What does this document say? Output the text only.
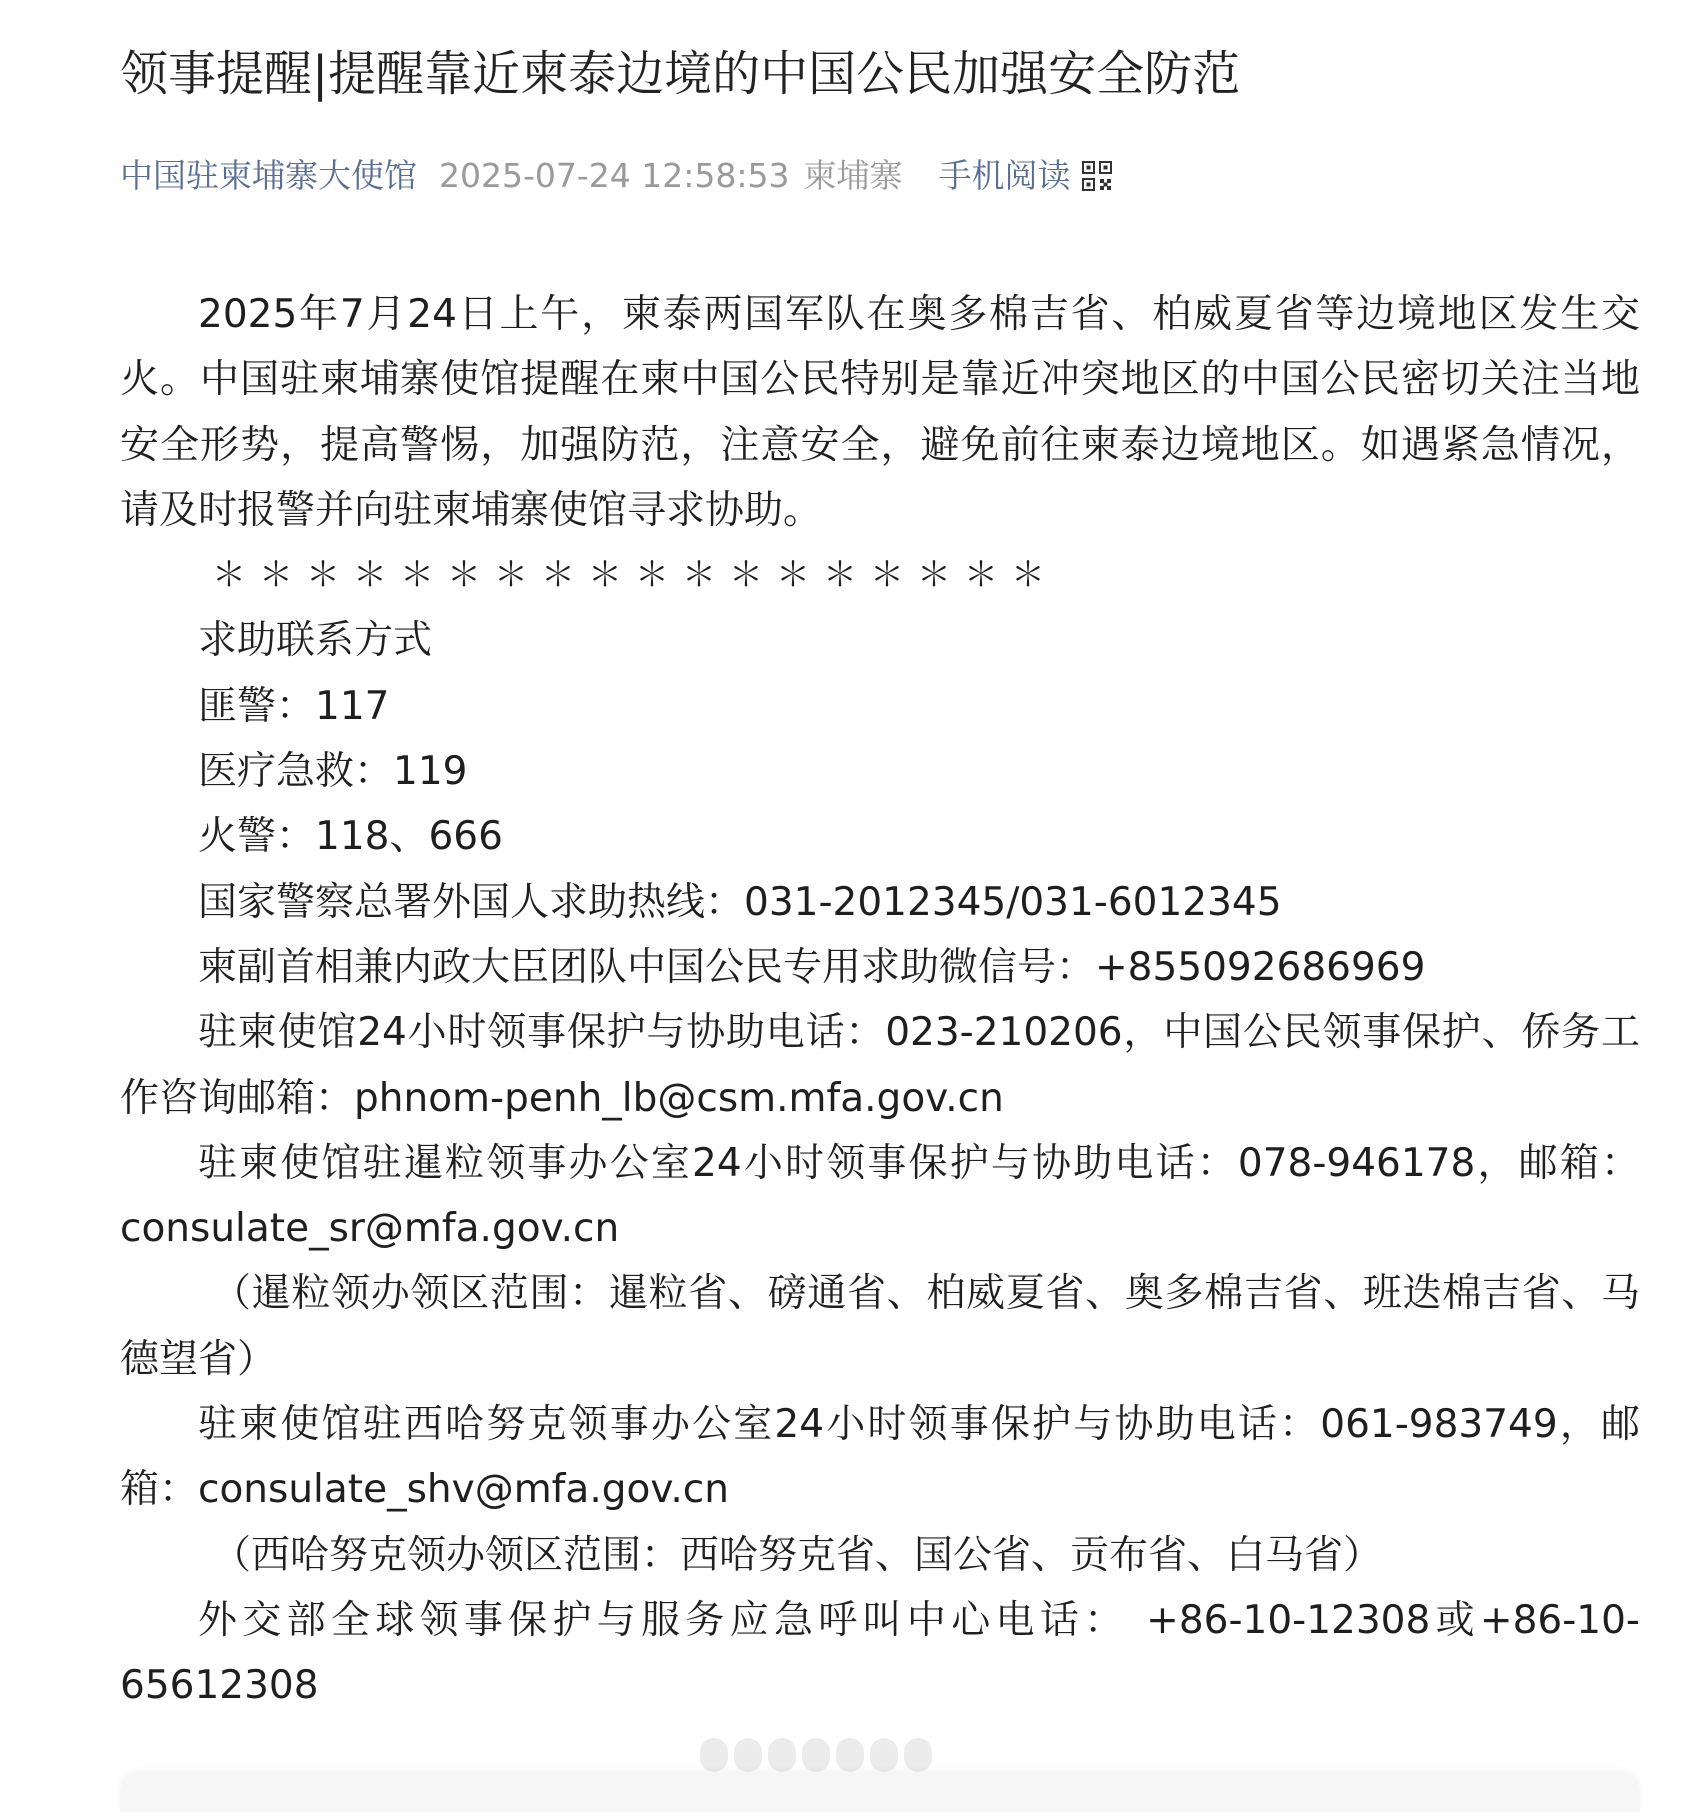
领事提醒|提醒靠近柬泰边境的中国公民加强安全防范
中国驻柬埔寨大使馆 2025-07-24 12:58:53 柬埔寨 手机阅读

2025年7月24日上午，柬泰两国军队在奥多棉吉省、柏威夏省等边境地区发生交火。中国驻柬埔寨使馆提醒在柬中国公民特别是靠近冲突地区的中国公民密切关注当地安全形势，提高警惕，加强防范，注意安全，避免前往柬泰边境地区。如遇紧急情况，请及时报警并向驻柬埔寨使馆寻求协助。

＊＊＊＊＊＊＊＊＊＊＊＊＊＊＊＊＊＊

求助联系方式

匪警：117

医疗急救：119

火警：118、666

国家警察总署外国人求助热线：031-2012345/031-6012345

柬副首相兼内政大臣团队中国公民专用求助微信号：+855092686969

驻柬使馆24小时领事保护与协助电话：023-210206，中国公民领事保护、侨务工作咨询邮箱：phnom-penh_lb@csm.mfa.gov.cn

驻柬使馆驻暹粒领事办公室24小时领事保护与协助电话：078-946178，邮箱：consulate_sr@mfa.gov.cn

（暹粒领办领区范围：暹粒省、磅通省、柏威夏省、奥多棉吉省、班迭棉吉省、马德望省）

驻柬使馆驻西哈努克领事办公室24小时领事保护与协助电话：061-983749，邮箱：consulate_shv@mfa.gov.cn

（西哈努克领办领区范围：西哈努克省、国公省、贡布省、白马省）

外交部全球领事保护与服务应急呼叫中心电话： +86-10-12308或+86-10-65612308
